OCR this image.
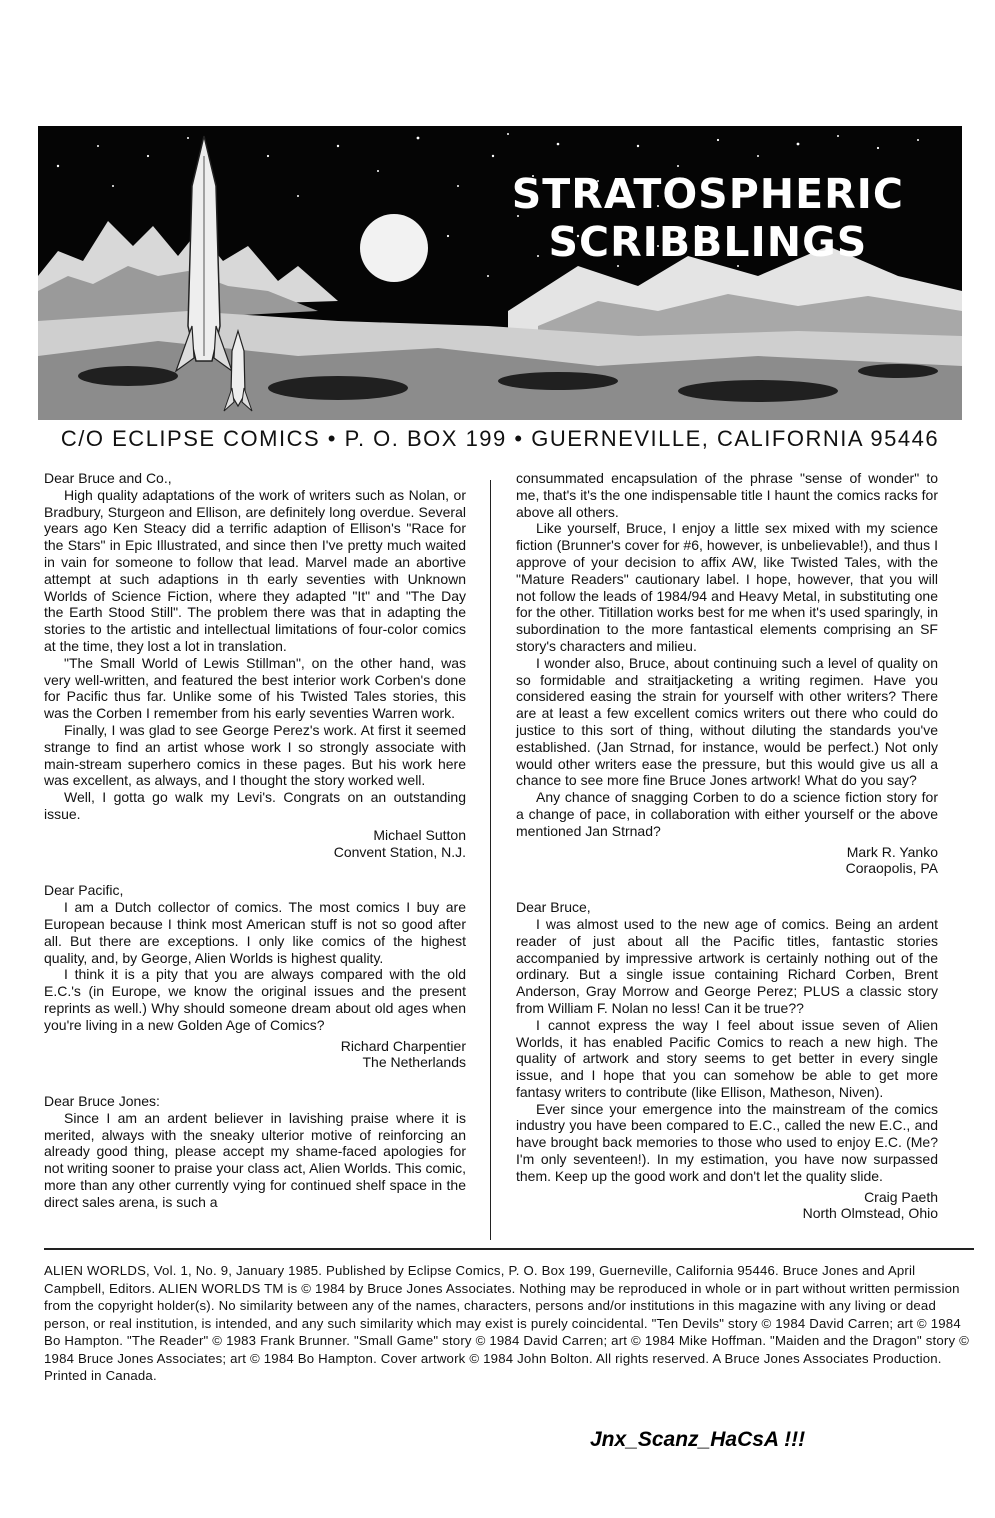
STRATOSPHERIC
SCRIBBLINGS
C/O ECLIPSE COMICS • P. O. BOX 199 • GUERNEVILLE, CALIFORNIA 95446

Dear Bruce and Co.,

High quality adaptations of the work of writers such as Nolan, or Bradbury, Sturgeon and Ellison, are definitely long overdue. Several years ago Ken Steacy did a terrific adaption of Ellison's "Race for the Stars" in Epic Illustrated, and since then I've pretty much waited in vain for someone to follow that lead. Marvel made an abortive attempt at such adaptions in th early seventies with Unknown Worlds of Science Fiction, where they adapted "It" and "The Day the Earth Stood Still". The problem there was that in adapting the stories to the artistic and intellectual limitations of four-color comics at the time, they lost a lot in translation.

"The Small World of Lewis Stillman", on the other hand, was very well-written, and featured the best interior work Corben's done for Pacific thus far. Unlike some of his Twisted Tales stories, this was the Corben I remember from his early seventies Warren work.

Finally, I was glad to see George Perez's work. At first it seemed strange to find an artist whose work I so strongly associate with main-stream superhero comics in these pages. But his work here was excellent, as always, and I thought the story worked well.

Well, I gotta go walk my Levi's. Congrats on an outstanding issue.

Michael Sutton
Convent Station, N.J.

Dear Pacific,

I am a Dutch collector of comics. The most comics I buy are European because I think most American stuff is not so good after all. But there are exceptions. I only like comics of the highest quality, and, by George, Alien Worlds is highest quality.

I think it is a pity that you are always compared with the old E.C.'s (in Europe, we know the original issues and the present reprints as well.) Why should someone dream about old ages when you're living in a new Golden Age of Comics?

Richard Charpentier
The Netherlands

Dear Bruce Jones:

Since I am an ardent believer in lavishing praise where it is merited, always with the sneaky ulterior motive of reinforcing an already good thing, please accept my shame-faced apologies for not writing sooner to praise your class act, Alien Worlds. This comic, more than any other currently vying for continued shelf space in the direct sales arena, is such a

consummated encapsulation of the phrase "sense of wonder" to me, that's it's the one indispensable title I haunt the comics racks for above all others.

Like yourself, Bruce, I enjoy a little sex mixed with my science fiction (Brunner's cover for #6, however, is unbelievable!), and thus I approve of your decision to affix AW, like Twisted Tales, with the "Mature Readers" cautionary label. I hope, however, that you will not follow the leads of 1984/94 and Heavy Metal, in substituting one for the other. Titillation works best for me when it's used sparingly, in subordination to the more fantastical elements comprising an SF story's characters and milieu.

I wonder also, Bruce, about continuing such a level of quality on so formidable and straitjacketing a writing regimen. Have you considered easing the strain for yourself with other writers? There are at least a few excellent comics writers out there who could do justice to this sort of thing, without diluting the standards you've established. (Jan Strnad, for instance, would be perfect.) Not only would other writers ease the pressure, but this would give us all a chance to see more fine Bruce Jones artwork! What do you say?

Any chance of snagging Corben to do a science fiction story for a change of pace, in collaboration with either yourself or the above mentioned Jan Strnad?

Mark R. Yanko
Coraopolis, PA

Dear Bruce,

I was almost used to the new age of comics. Being an ardent reader of just about all the Pacific titles, fantastic stories accompanied by impressive artwork is certainly nothing out of the ordinary. But a single issue containing Richard Corben, Brent Anderson, Gray Morrow and George Perez; PLUS a classic story from William F. Nolan no less! Can it be true??

I cannot express the way I feel about issue seven of Alien Worlds, it has enabled Pacific Comics to reach a new high. The quality of artwork and story seems to get better in every single issue, and I hope that you can somehow be able to get more fantasy writers to contribute (like Ellison, Matheson, Niven).

Ever since your emergence into the mainstream of the comics industry you have been compared to E.C., called the new E.C., and have brought back memories to those who used to enjoy E.C. (Me? I'm only seventeen!). In my estimation, you have now surpassed them. Keep up the good work and don't let the quality slide.

Craig Paeth
North Olmstead, Ohio

ALIEN WORLDS, Vol. 1, No. 9, January 1985. Published by Eclipse Comics, P. O. Box 199, Guerneville, California 95446. Bruce Jones and April Campbell, Editors. ALIEN WORLDS TM is © 1984 by Bruce Jones Associates. Nothing may be reproduced in whole or in part without written permission from the copyright holder(s). No similarity between any of the names, characters, persons and/or institutions in this magazine with any living or dead person, or real institution, is intended, and any such similarity which may exist is purely coincidental. "Ten Devils" story © 1984 David Carren; art © 1984 Bo Hampton. "The Reader" © 1983 Frank Brunner. "Small Game" story © 1984 David Carren; art © 1984 Mike Hoffman. "Maiden and the Dragon" story © 1984 Bruce Jones Associates; art © 1984 Bo Hampton. Cover artwork © 1984 John Bolton. All rights reserved. A Bruce Jones Associates Production. Printed in Canada.

Jnx_Scanz_HaCsA !!!
